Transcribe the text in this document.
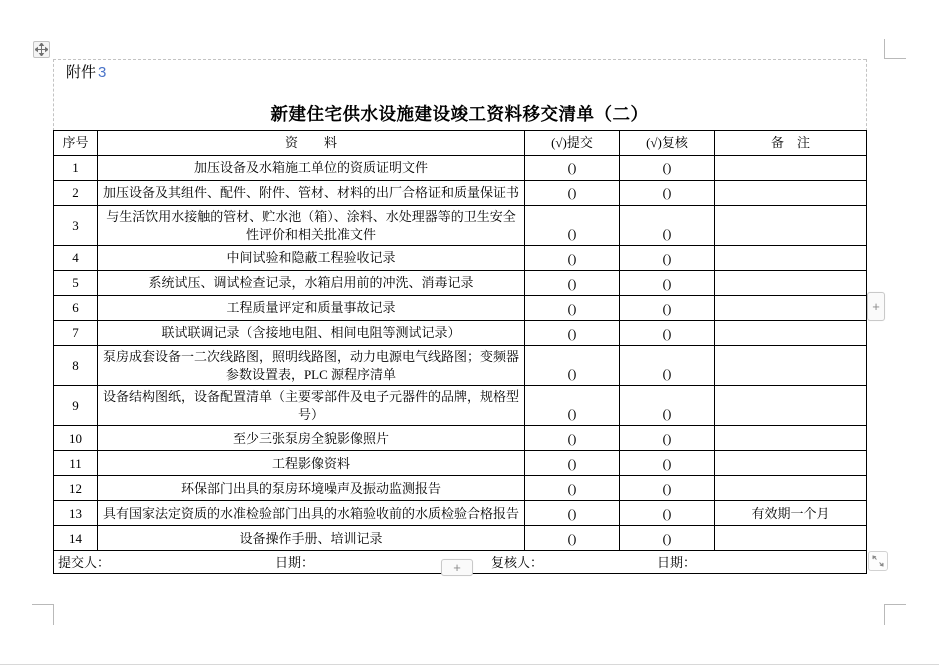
附件 3
新建住宅供水设施建设竣工资料移交清单（二）
序号	资　　料	(√)提交	(√)复核	备　注
1	加压设备及水箱施工单位的资质证明文件	()	()	
2	加压设备及其组件、配件、附件、管材、材料的出厂合格证和质量保证书	()	()	
3	与生活饮用水接触的管材、贮水池（箱）、涂料、水处理器等的卫生安全性评价和相关批准文件	()	()	
4	中间试验和隐蔽工程验收记录	()	()	
5	系统试压、调试检查记录，水箱启用前的冲洗、消毒记录	()	()	
6	工程质量评定和质量事故记录	()	()	
7	联试联调记录（含接地电阻、相间电阻等测试记录）	()	()	
8	泵房成套设备一二次线路图，照明线路图，动力电源电气线路图；变频器参数设置表，PLC 源程序清单	()	()	
9	设备结构图纸，设备配置清单（主要零部件及电子元器件的品牌，规格型号）	()	()	
10	至少三张泵房全貌影像照片	()	()	
11	工程影像资料	()	()	
12	环保部门出具的泵房环境噪声及振动监测报告	()	()	
13	具有国家法定资质的水准检验部门出具的水箱验收前的水质检验合格报告	()	()	有效期一个月
14	设备操作手册、培训记录	()	()	

提交人： 日期： 复核人： 日期：				
+
+
